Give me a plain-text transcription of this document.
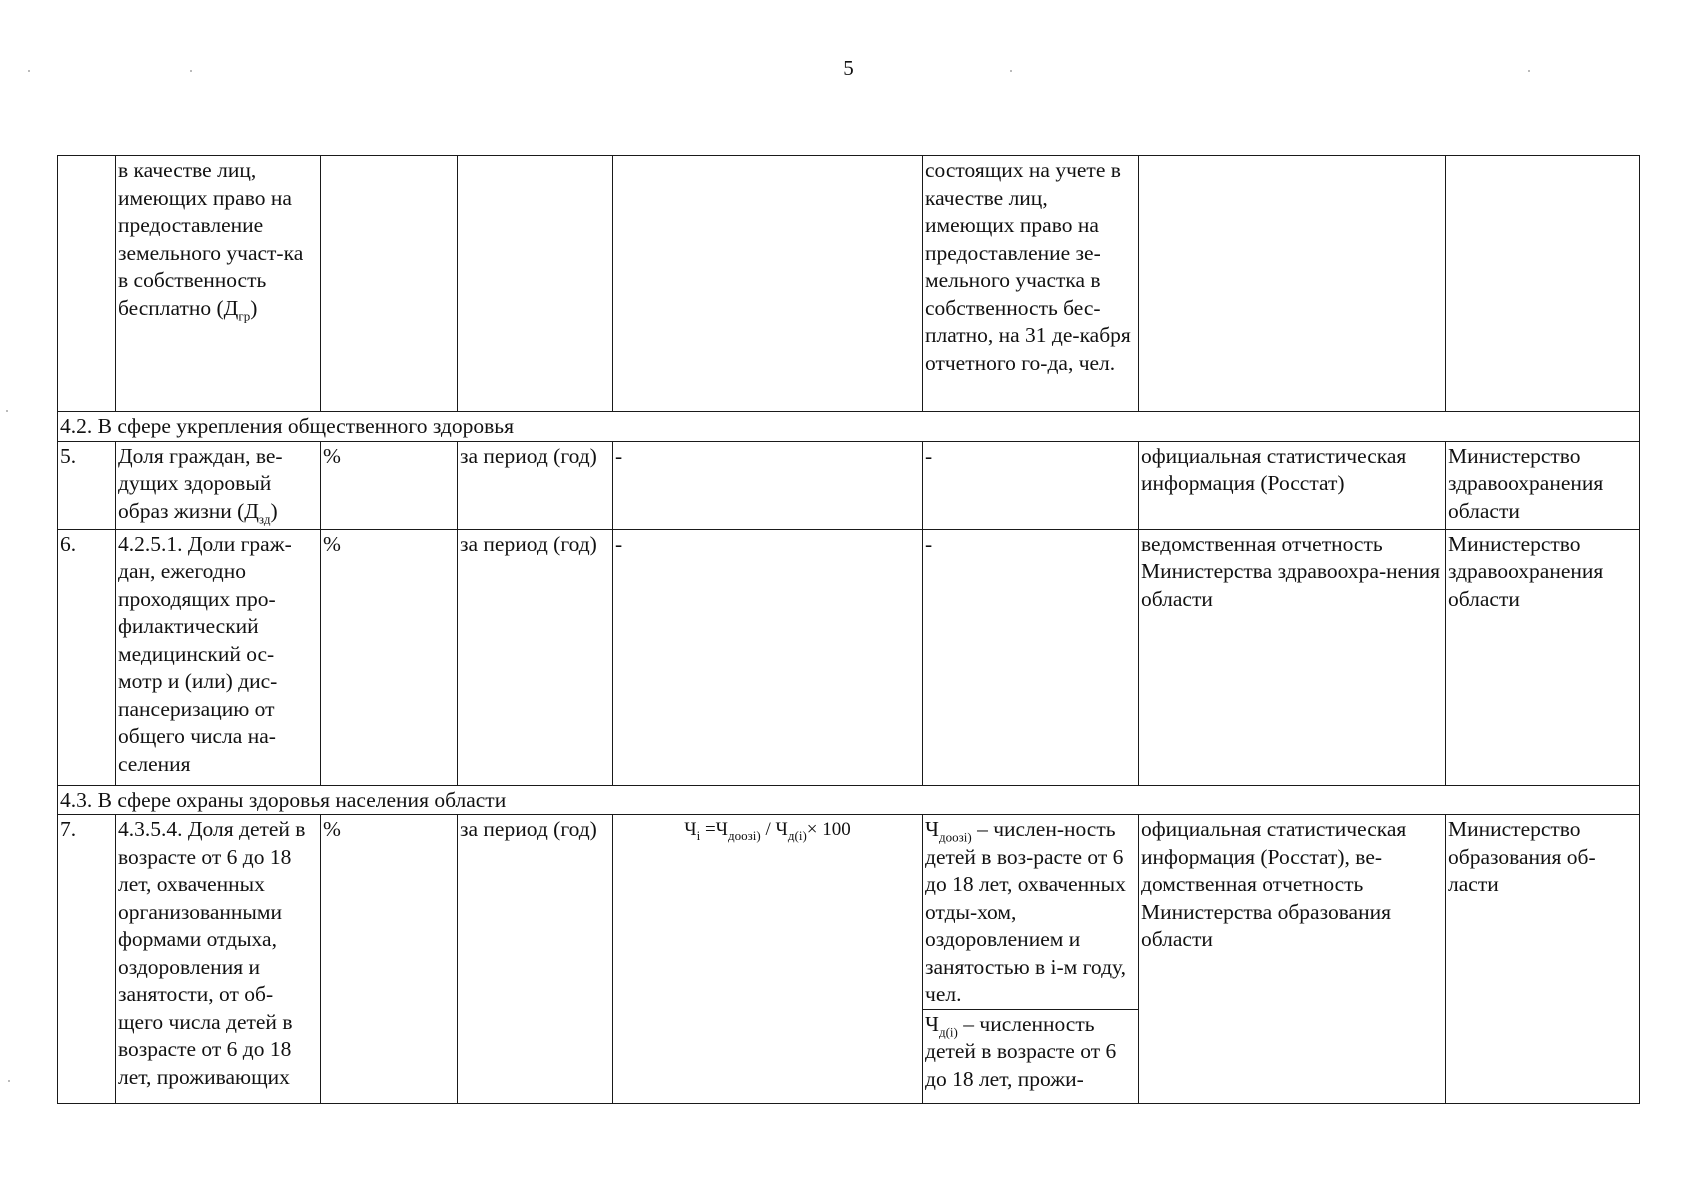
5
	в качестве лиц, имеющих право на предоставление земельного участ-ка в собственность бесплатно $(Д_{гр})$				состоящих на учете в качестве лиц, имеющих право на предоставление зе-мельного участка в собственность бес-платно, на 31 де-кабря отчетного го-да, чел.		
4.2. В сфере укрепления общественного здоровья							
5.	Доля граждан, ве-дущих здоровый образ жизни $(Д_{зд})$	%	за период (год)	-	-	официальная статистическая информация (Росстат)	Министерство здравоохранения области
6.	4.2.5.1. Доли граж-дан, ежегодно проходящих про-филактический медицинский ос-мотр и (или) дис-пансеризацию от общего числа на-селения	%	за период (год)	-	-	ведомственная отчетность Министерства здравоохра-нения области	Министерство здравоохранения области
4.3. В сфере охраны здоровья населения области							
7.	4.3.5.4. Доля детей в возрасте от 6 до 18 лет, охваченных организованными формами отдыха, оздоровления и занятости, от об-щего числа детей в возрасте от 6 до 18 лет, проживающих	%	за период (год)	$Ч_i =Ч_{доозi)} / Ч_{д(i)}\times 100$	$Ч_{доозi)}$ – числен-ность детей в воз-расте от 6 до 18 лет, охваченных отды-хом, оздоровлением и занятостью в i-м году, чел.
$Ч_{д(i)}$ – численность детей в возрасте от 6 до 18 лет, прожи-	официальная статистическая информация (Росстат), ве-домственная отчетность Министерства образования области	Министерство образования об-ласти
